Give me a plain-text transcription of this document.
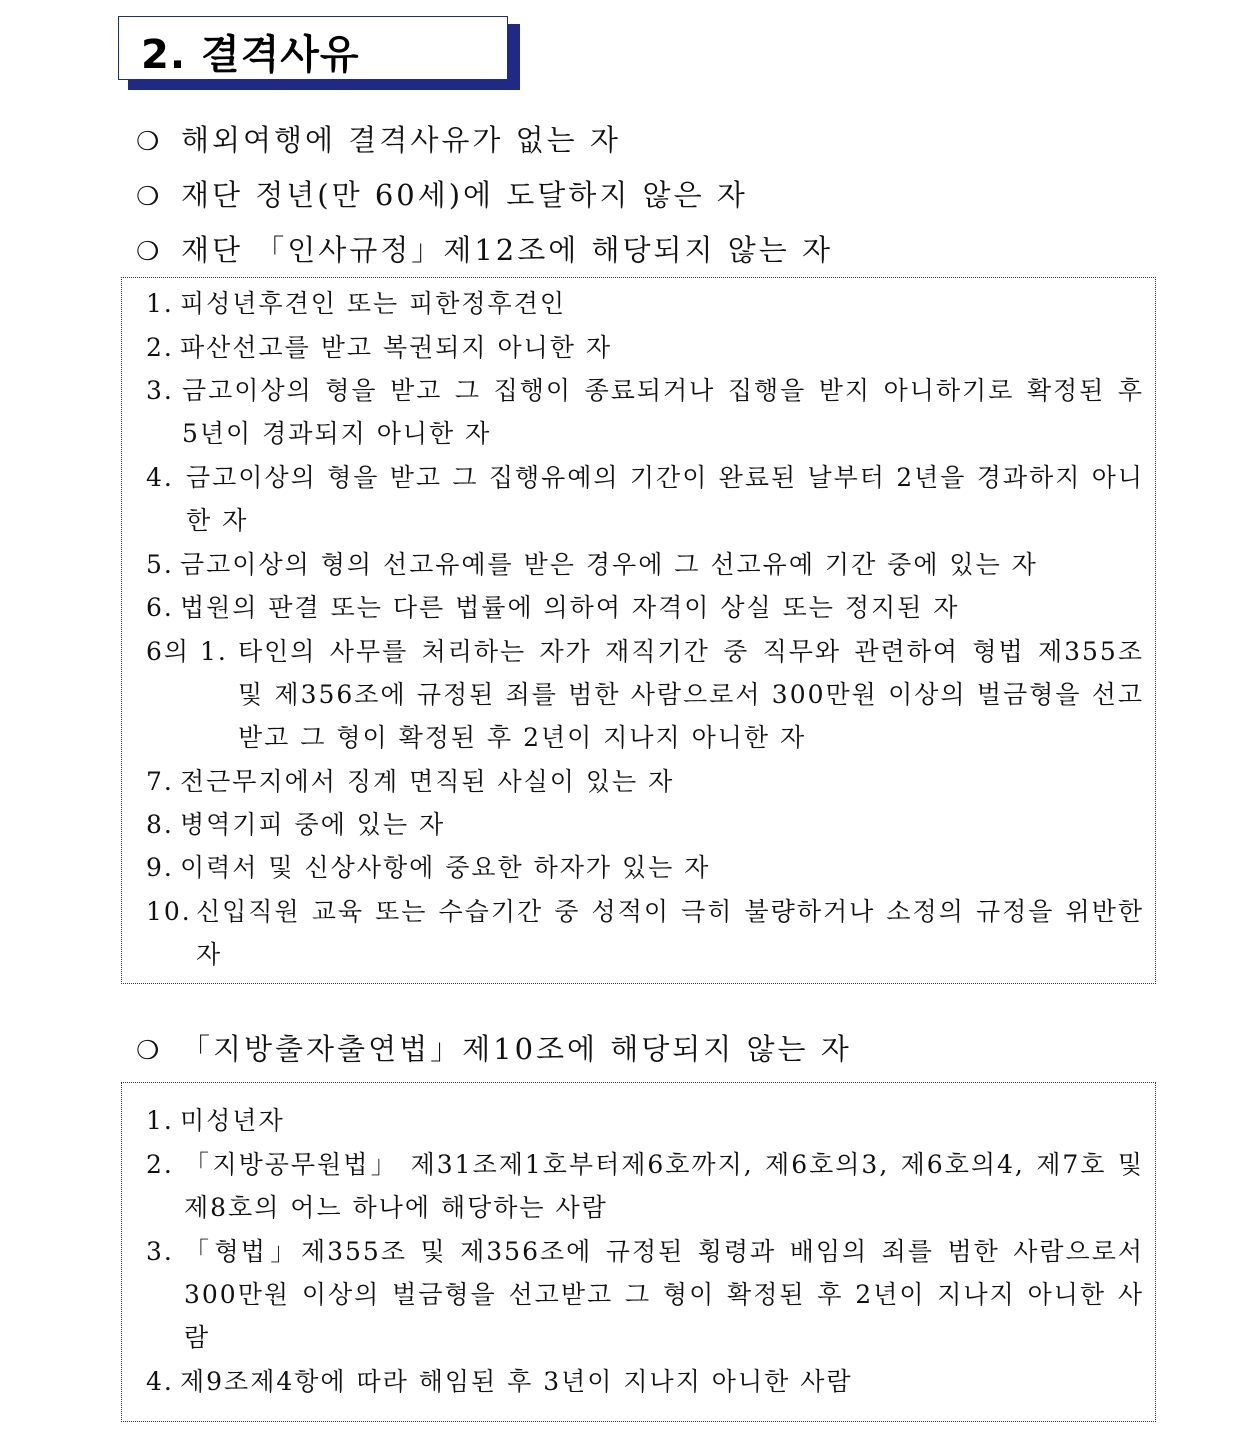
2. 결격사유
❍ 해외여행에 결격사유가 없는 자
❍ 재단 정년(만 60세)에 도달하지 않은 자
❍ 재단 「인사규정」제12조에 해당되지 않는 자
1. 피성년후견인 또는 피한정후견인
2. 파산선고를 받고 복권되지 아니한 자
3. 금고이상의 형을 받고 그 집행이 종료되거나 집행을 받지 아니하기로 확정된 후 5년이 경과되지 아니한 자
4. 금고이상의 형을 받고 그 집행유예의 기간이 완료된 날부터 2년을 경과하지 아니한 자
5. 금고이상의 형의 선고유예를 받은 경우에 그 선고유예 기간 중에 있는 자
6. 법원의 판결 또는 다른 법률에 의하여 자격이 상실 또는 정지된 자
6의 1. 타인의 사무를 처리하는 자가 재직기간 중 직무와 관련하여 형법 제355조 및 제356조에 규정된 죄를 범한 사람으로서 300만원 이상의 벌금형을 선고받고 그 형이 확정된 후 2년이 지나지 아니한 자
7. 전근무지에서 징계 면직된 사실이 있는 자
8. 병역기피 중에 있는 자
9. 이력서 및 신상사항에 중요한 하자가 있는 자
10. 신입직원 교육 또는 수습기간 중 성적이 극히 불량하거나 소정의 규정을 위반한 자
❍ 「지방출자출연법」제10조에 해당되지 않는 자
1. 미성년자
2. 「지방공무원법」 제31조제1호부터제6호까지, 제6호의3, 제6호의4, 제7호 및 제8호의 어느 하나에 해당하는 사람
3. 「형법」제355조 및 제356조에 규정된 횡령과 배임의 죄를 범한 사람으로서 300만원 이상의 벌금형을 선고받고 그 형이 확정된 후 2년이 지나지 아니한 사람
4. 제9조제4항에 따라 해임된 후 3년이 지나지 아니한 사람
